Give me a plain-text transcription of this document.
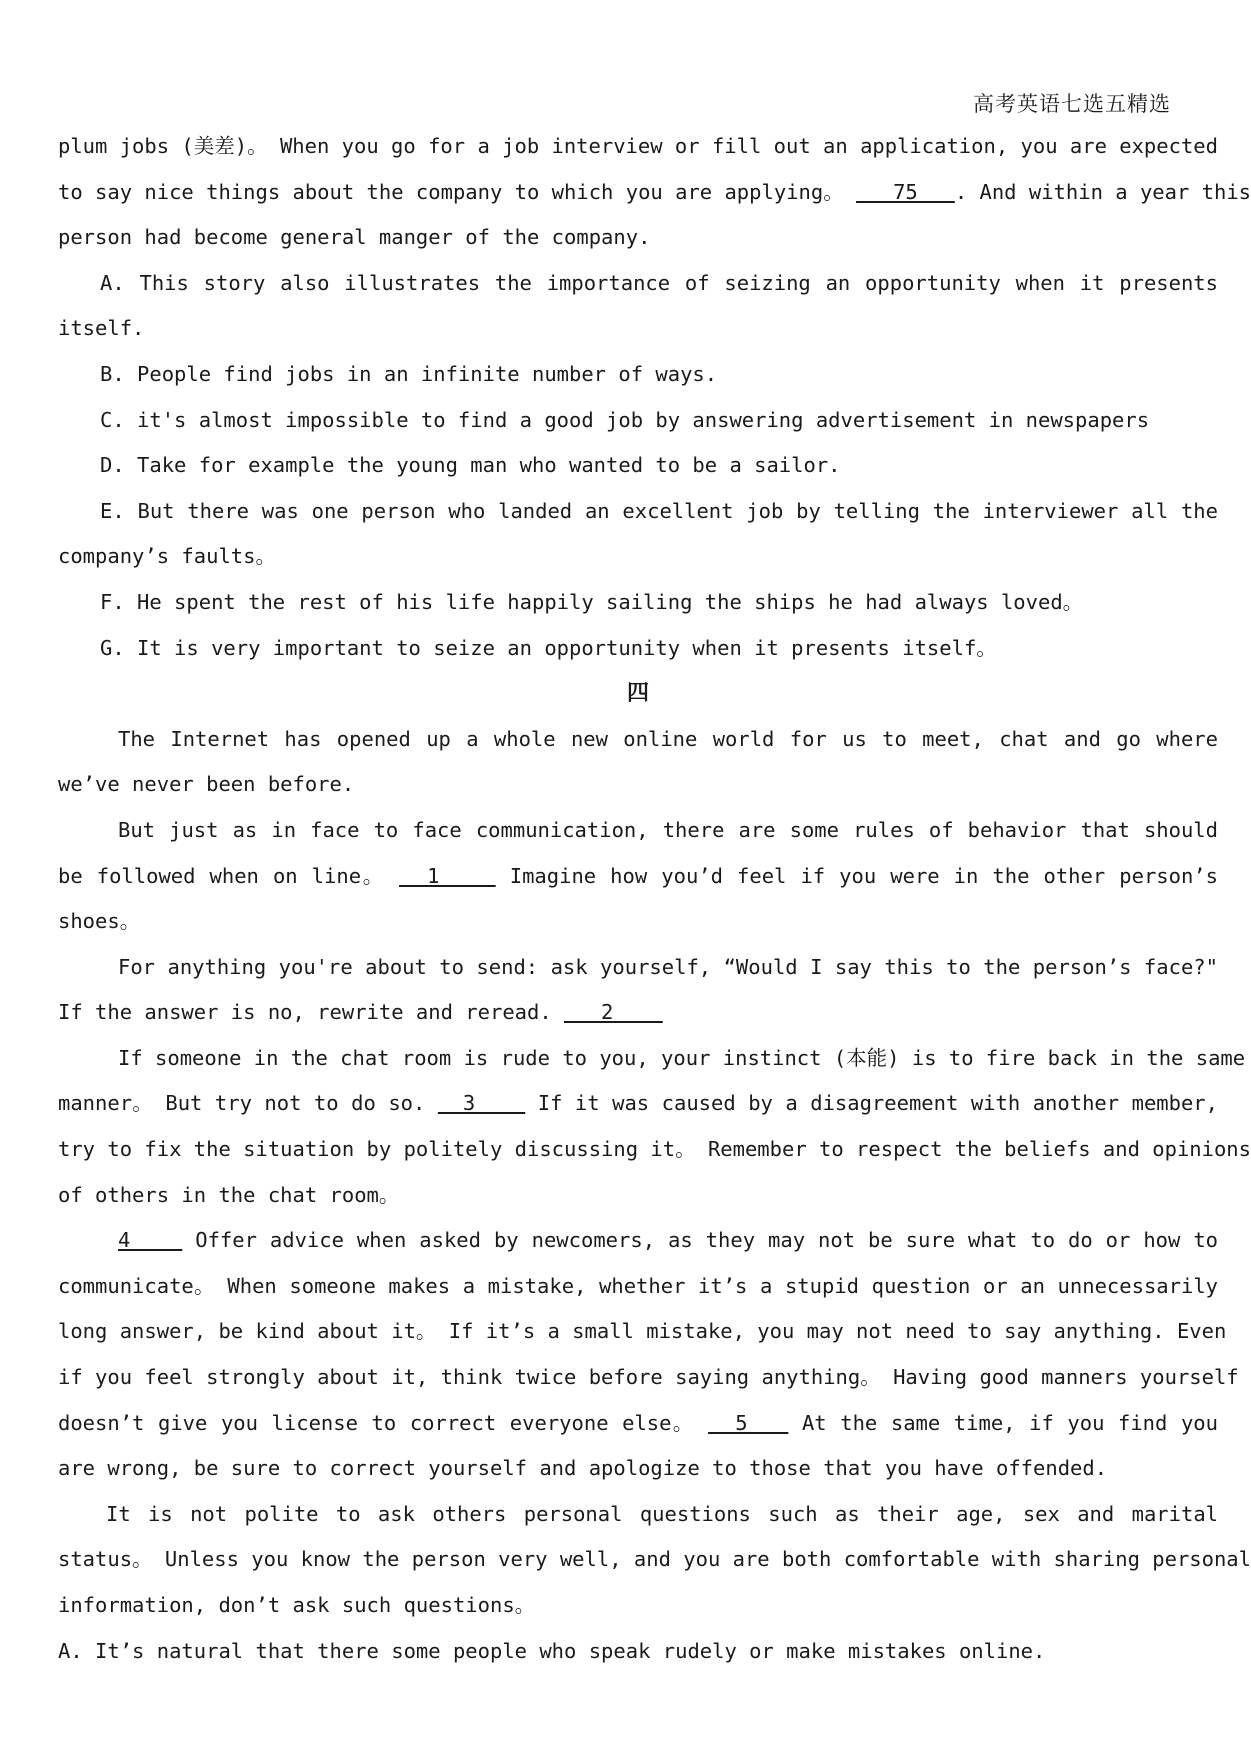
高考英语七选五精选
plum jobs (美差)。 When you go for a job interview or fill out an application, you are expected
to say nice things about the company to which you are applying。    75   . And within a year this
person had become general manger of the company.
A. This story also illustrates the importance of seizing an opportunity when it presents
itself.
B. People find jobs in an infinite number of ways.
C. it's almost impossible to find a good job by answering advertisement in newspapers
D. Take for example the young man who wanted to be a sailor.
E. But there was one person who landed an excellent job by telling the interviewer all the
company’s faults。
F. He spent the rest of his life happily sailing the ships he had always loved。
G. It is very important to seize an opportunity when it presents itself。
四
The Internet has opened up a whole new online world for us to meet, chat and go where
we’ve never been before.
But just as in face to face communication, there are some rules of behavior that should
be followed when on line。   1     Imagine how you’d feel if you were in the other person’s
shoes。
For anything you're about to send: ask yourself, “Would I say this to the person’s face?"
If the answer is no, rewrite and reread.    2
If someone in the chat room is rude to you, your instinct (本能) is to fire back in the same
manner。 But try not to do so.   3     If it was caused by a disagreement with another member,
try to fix the situation by politely discussing it。 Remember to respect the beliefs and opinions
of others in the chat room。
4     Offer advice when asked by newcomers, as they may not be sure what to do or how to
communicate。 When someone makes a mistake, whether it’s a stupid question or an unnecessarily
long answer, be kind about it。 If it’s a small mistake, you may not need to say anything. Even
if you feel strongly about it, think twice before saying anything。 Having good manners yourself
doesn’t give you license to correct everyone else。   5    At the same time, if you find you
are wrong, be sure to correct yourself and apologize to those that you have offended.
It is not polite to ask others personal questions such as their age, sex and marital
status。 Unless you know the person very well, and you are both comfortable with sharing personal
information, don’t ask such questions。
A. It’s natural that there some people who speak rudely or make mistakes online.
